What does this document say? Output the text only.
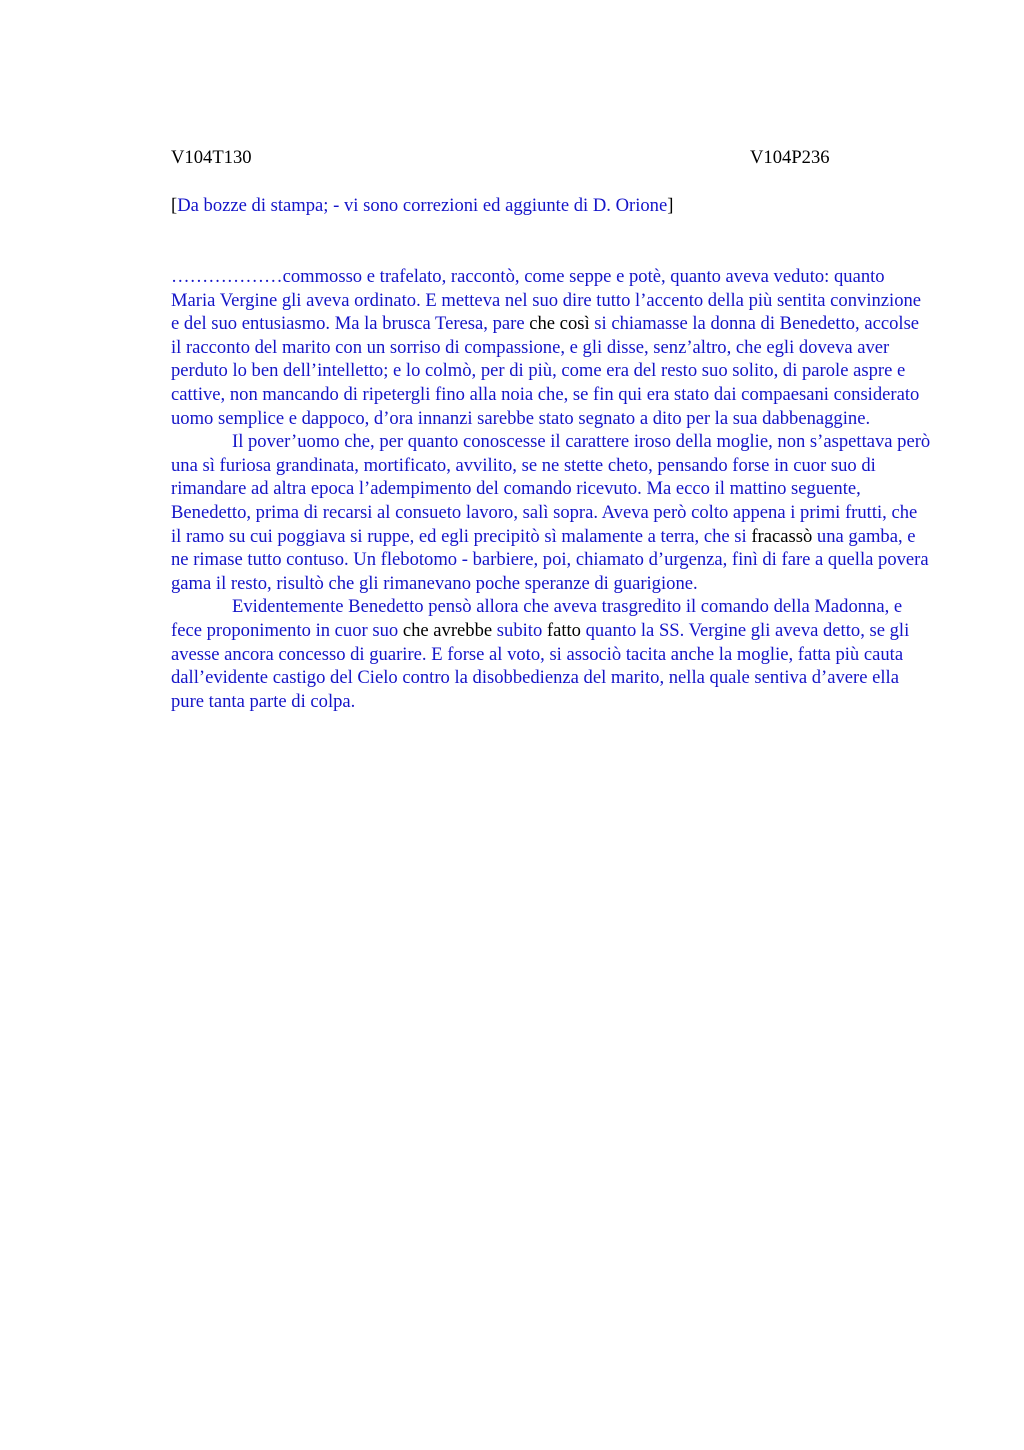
V104T130	V104P236
[Da bozze di stampa; - vi sono correzioni ed aggiunte di D. Orione]

………………commosso e trafelato, raccontò, come seppe e potè, quanto aveva veduto: quanto Maria Vergine gli aveva ordinato. E metteva nel suo dire tutto l’accento della più sentita convinzione e del suo entusiasmo. Ma la brusca Teresa, pare che così si chiamasse la donna di Benedetto, accolse il racconto del marito con un sorriso di compassione, e gli disse, senz’altro, che egli doveva aver perduto lo ben dell’intelletto; e lo colmò, per di più, come era del resto suo solito, di parole aspre e cattive, non mancando di ripetergli fino alla noia che, se fin qui era stato dai compaesani considerato uomo semplice e dappoco, d’ora innanzi sarebbe stato segnato a dito per la sua dabbenaggine.

Il pover’uomo che, per quanto conoscesse il carattere iroso della moglie, non s’aspettava però una sì furiosa grandinata, mortificato, avvilito, se ne stette cheto, pensando forse in cuor suo di rimandare ad altra epoca l’adempimento del comando ricevuto. Ma ecco il mattino seguente, Benedetto, prima di recarsi al consueto lavoro, salì sopra. Aveva però colto appena i primi frutti, che il ramo su cui poggiava si ruppe, ed egli precipitò sì malamente a terra, che si fracassò una gamba, e ne rimase tutto contuso. Un flebotomo - barbiere, poi, chiamato d’urgenza, finì di fare a quella povera gama il resto, risultò che gli rimanevano poche speranze di guarigione.

Evidentemente Benedetto pensò allora che aveva trasgredito il comando della Madonna, e fece proponimento in cuor suo che avrebbe subito fatto quanto la SS. Vergine gli aveva detto, se gli avesse ancora concesso di guarire. E forse al voto, si associò tacita anche la moglie, fatta più cauta dall’evidente castigo del Cielo contro la disobbedienza del marito, nella quale sentiva d’avere ella pure tanta parte di colpa.
